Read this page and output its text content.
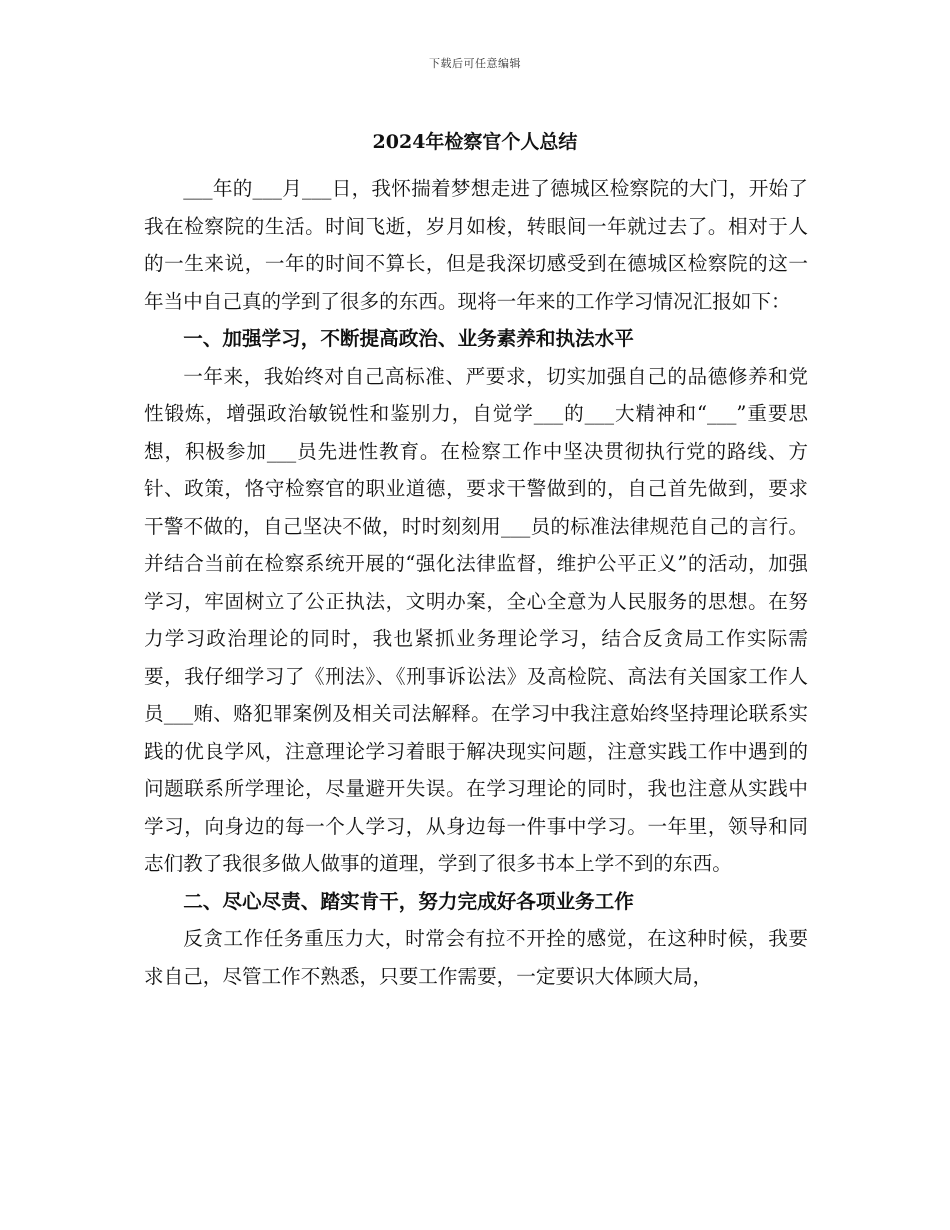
下载后可任意编辑
2024年检察官个人总结

___年的___月___日，我怀揣着梦想走进了德城区检察院的大门，开始了我在检察院的生活。时间飞逝，岁月如梭，转眼间一年就过去了。相对于人的一生来说，一年的时间不算长，但是我深切感受到在德城区检察院的这一年当中自己真的学到了很多的东西。现将一年来的工作学习情况汇报如下：

一、加强学习，不断提高政治、业务素养和执法水平

一年来，我始终对自己高标准、严要求，切实加强自己的品德修养和党性锻炼，增强政治敏锐性和鉴别力，自觉学___的___大精神和“___”重要思想，积极参加___员先进性教育。在检察工作中坚决贯彻执行党的路线、方针、政策，恪守检察官的职业道德，要求干警做到的，自己首先做到，要求干警不做的，自己坚决不做，时时刻刻用___员的标准法律规范自己的言行。并结合当前在检察系统开展的“强化法律监督，维护公平正义”的活动，加强学习，牢固树立了公正执法，文明办案，全心全意为人民服务的思想。在努力学习政治理论的同时，我也紧抓业务理论学习，结合反贪局工作实际需要，我仔细学习了《刑法》、《刑事诉讼法》及高检院、高法有关国家工作人员___贿、赂犯罪案例及相关司法解释。在学习中我注意始终坚持理论联系实践的优良学风，注意理论学习着眼于解决现实问题，注意实践工作中遇到的问题联系所学理论，尽量避开失误。在学习理论的同时，我也注意从实践中学习，向身边的每一个人学习，从身边每一件事中学习。一年里，领导和同志们教了我很多做人做事的道理，学到了很多书本上学不到的东西。

二、尽心尽责、踏实肯干，努力完成好各项业务工作

反贪工作任务重压力大，时常会有拉不开拴的感觉，在这种时候，我要求自己，尽管工作不熟悉，只要工作需要，一定要识大体顾大局，
